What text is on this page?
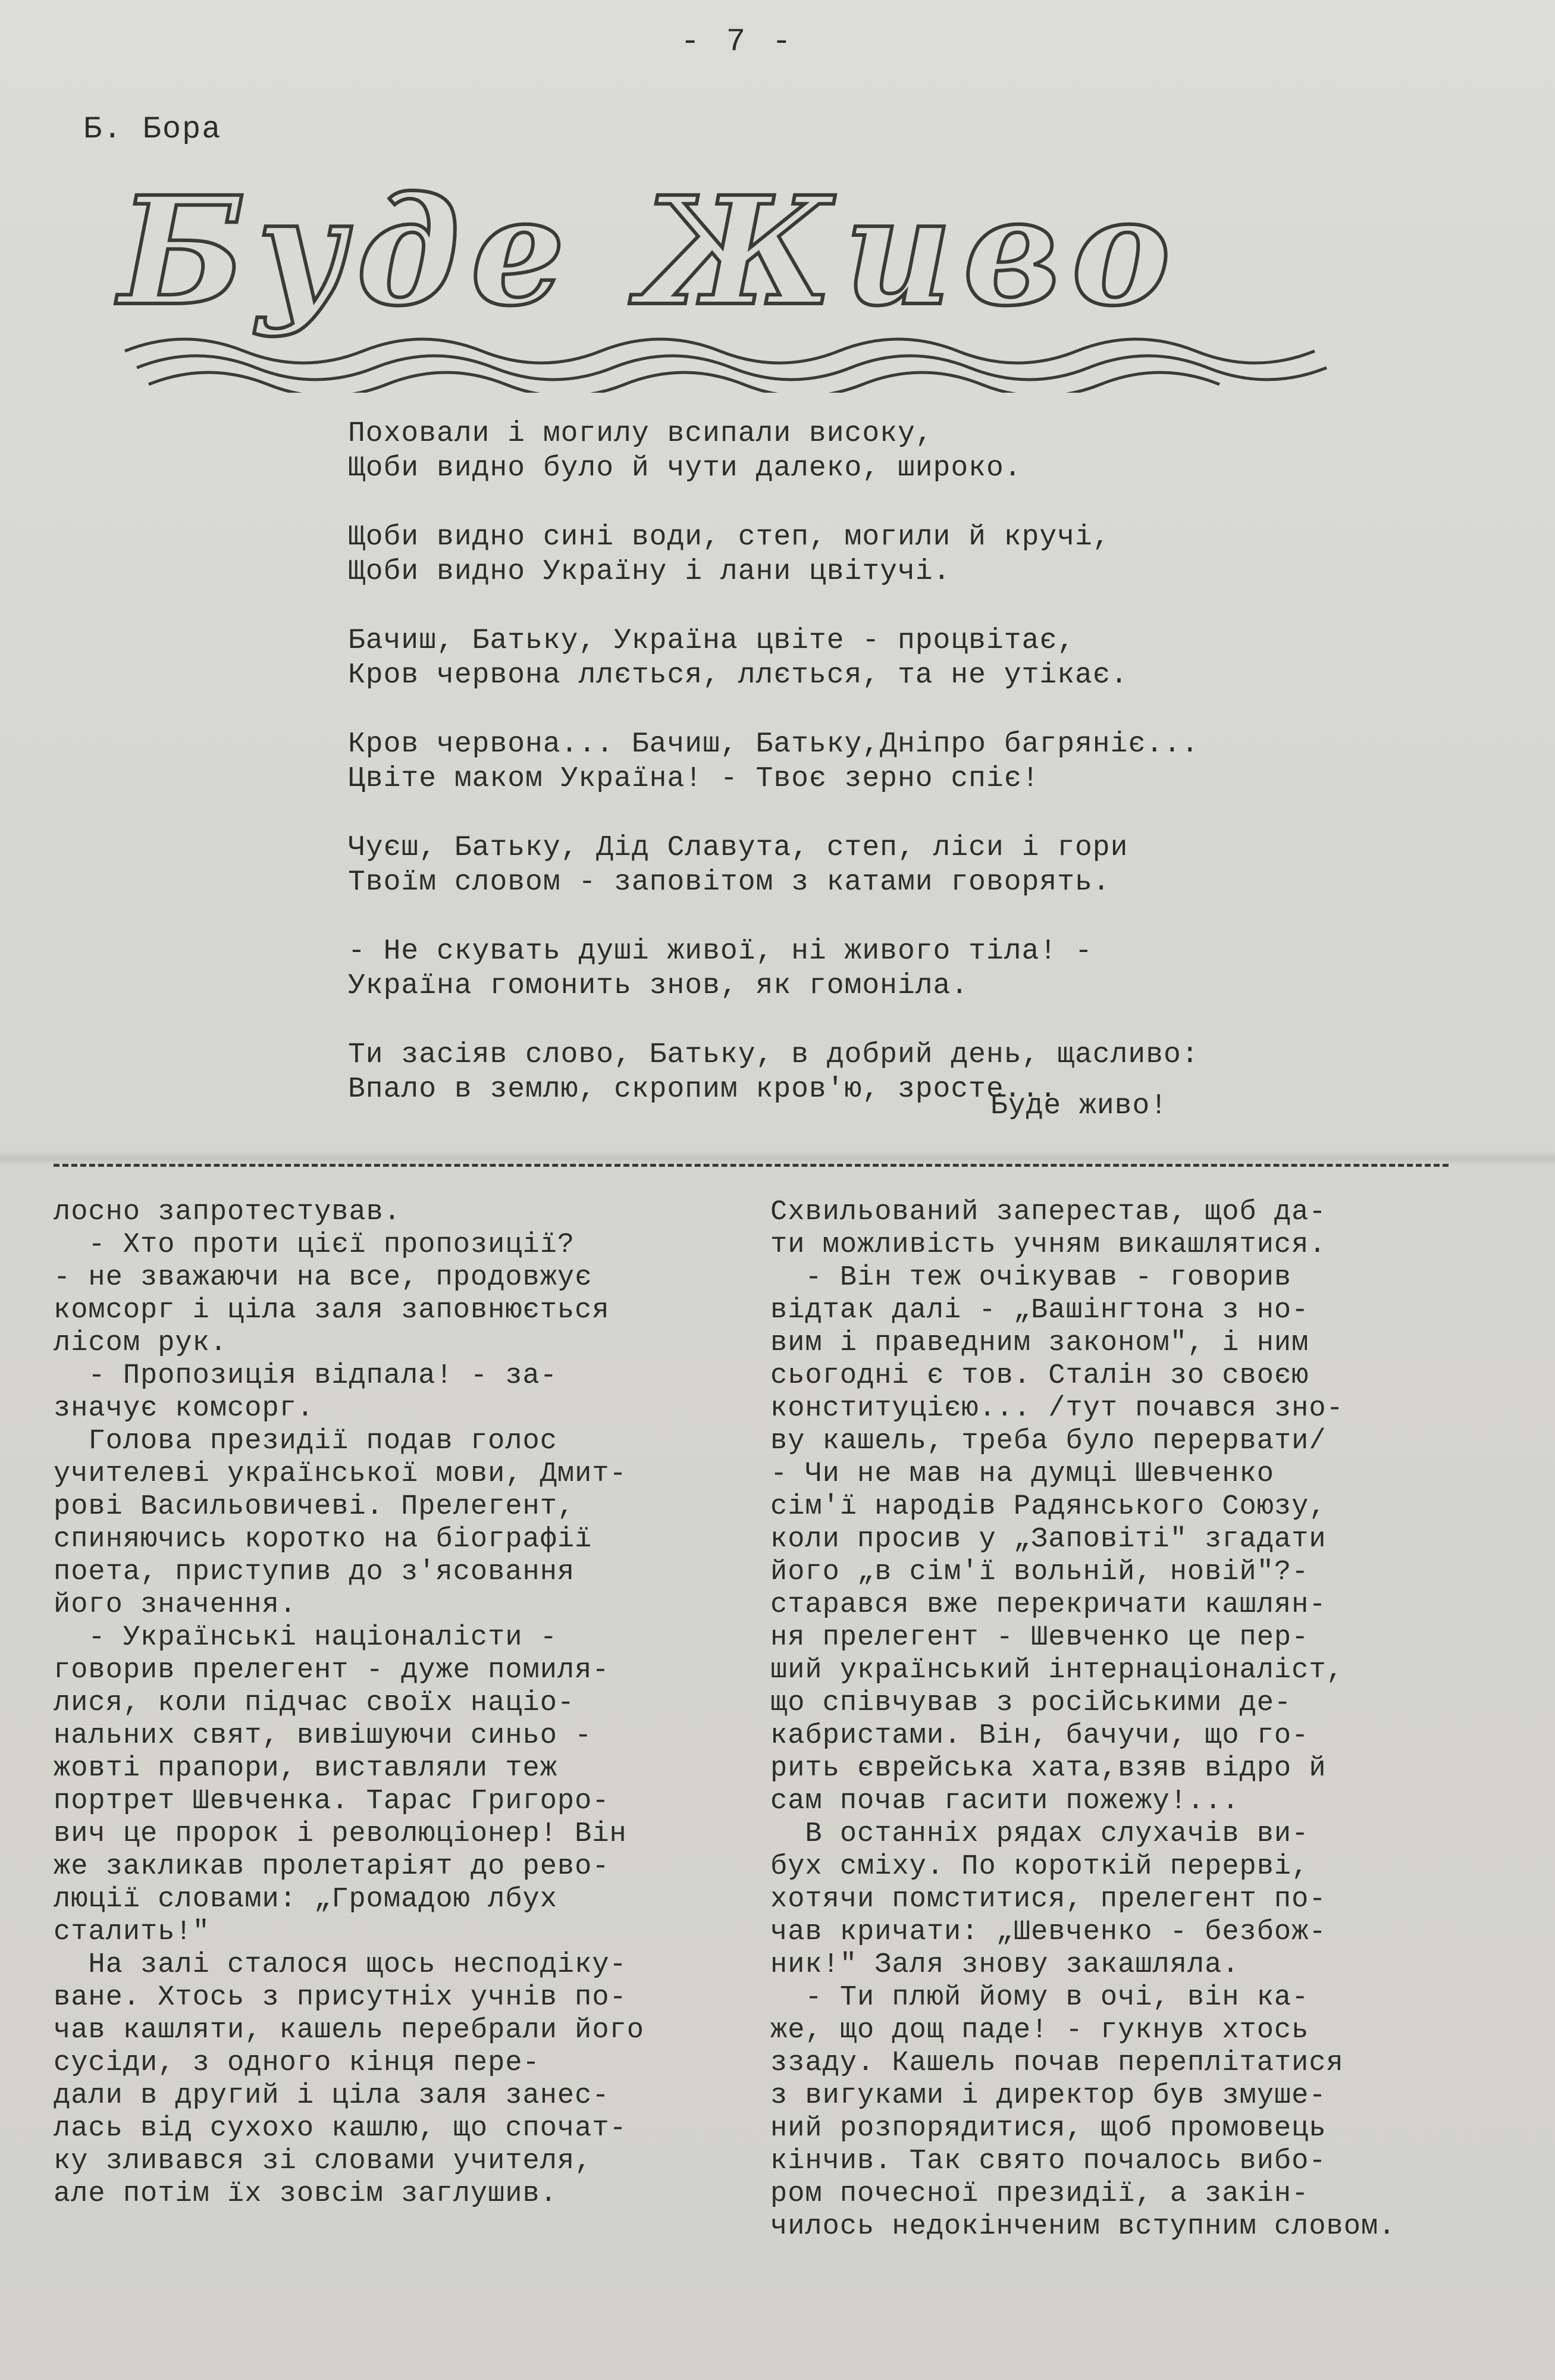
- 7 -
Б. Бора
Буде Живо
Поховали і могилу всипали високу,
Щоби видно було й чути далеко, широко.
Щоби видно сині води, степ, могили й кручі,
Щоби видно Україну і лани цвітучі.
Бачиш, Батьку, Україна цвіте - процвітає,
Кров червона ллється, ллється, та не утікає.
Кров червона... Бачиш, Батьку,Дніпро багряніє...
Цвіте маком Україна! - Твоє зерно спіє!
Чуєш, Батьку, Дід Славута, степ, ліси і гори
Твоїм словом - заповітом з катами говорять.
- Не скувать душі живої, ні живого тіла! -
Україна гомонить знов, як гомоніла.
Ти засіяв слово, Батьку, в добрий день, щасливо:
Впало в землю, скропим кров'ю, зросте...
Буде живо!
лосно запротестував.
- Хто проти цієї пропозиції?
- не зважаючи на все, продовжує
комсорг і ціла заля заповнюється
лісом рук.
- Пропозиція відпала! - за-
значує комсорг.
Голова президії подав голос
учителеві української мови, Дмит-
рові Васильовичеві. Прелегент,
спиняючись коротко на біографії
поета, приступив до з'ясовання
його значення.
- Українські націоналісти -
говорив прелегент - дуже помиля-
лися, коли підчас своїх націо-
нальних свят, вивішуючи синьо -
жовті прапори, виставляли теж
портрет Шевченка. Тарас Григоро-
вич це пророк і революціонер! Він
же закликав пролетаріят до рево-
люції словами: „Громадою лбух
сталить!"
На залі сталося щось несподіку-
ване. Хтось з присутніх учнів по-
чав кашляти, кашель перебрали його
сусіди, з одного кінця пере-
дали в другий і ціла заля занес-
лась від сухохо кашлю, що спочат-
ку зливався зі словами учителя,
але потім їх зовсім заглушив.
Схвильований заперестав, щоб да-
ти можливість учням викашлятися.
- Він теж очікував - говорив
відтак далі - „Вашінгтона з но-
вим і праведним законом", і ним
сьогодні є тов. Сталін зо своєю
конституцією... /тут почався зно-
ву кашель, треба було перервати/
- Чи не мав на думці Шевченко
сім'ї народів Радянського Союзу,
коли просив у „Заповіті" згадати
його „в сім'ї вольній, новій"?-
старався вже перекричати кашлян-
ня прелегент - Шевченко це пер-
ший український інтернаціоналіст,
що співчував з російськими де-
кабристами. Він, бачучи, що го-
рить єврейська хата,взяв відро й
сам почав гасити пожежу!...
В останніх рядах слухачів ви-
бух сміху. По короткій перерві,
хотячи помститися, прелегент по-
чав кричати: „Шевченко - безбож-
ник!" Заля знову закашляла.
- Ти плюй йому в очі, він ка-
же, що дощ паде! - гукнув хтось
ззаду. Кашель почав переплітатися
з вигуками і директор був змуше-
ний розпорядитися, щоб промовець
кінчив. Так свято почалось вибо-
ром почесної президії, а закін-
чилось недокінченим вступним словом.
